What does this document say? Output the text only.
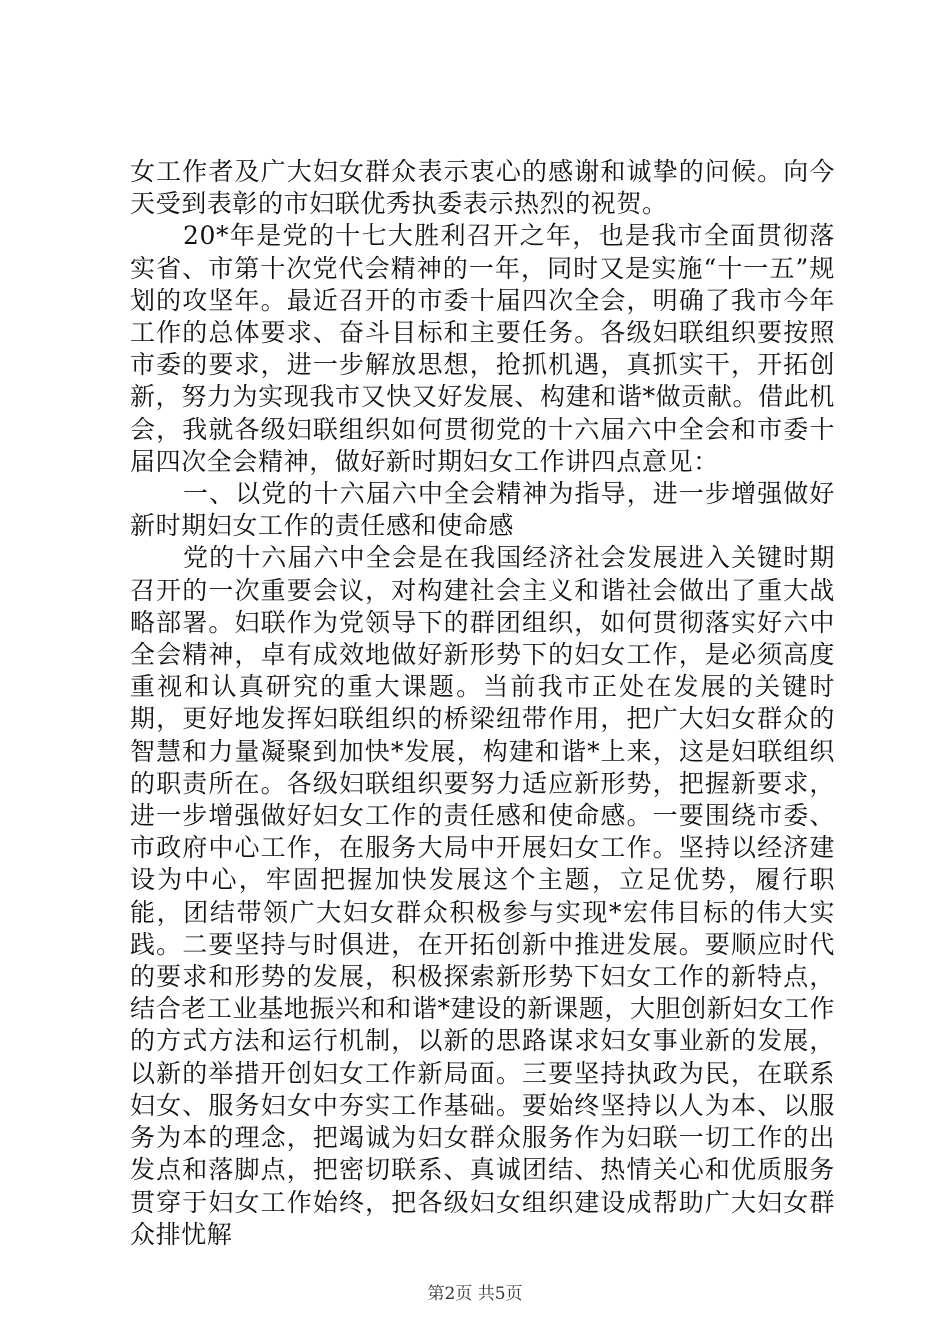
女工作者及广大妇女群众表示衷心的感谢和诚挚的问候。向今天受到表彰的市妇联优秀执委表示热烈的祝贺。

20*年是党的十七大胜利召开之年，也是我市全面贯彻落实省、市第十次党代会精神的一年，同时又是实施“十一五”规划的攻坚年。最近召开的市委十届四次全会，明确了我市今年工作的总体要求、奋斗目标和主要任务。各级妇联组织要按照市委的要求，进一步解放思想，抢抓机遇，真抓实干，开拓创新，努力为实现我市又快又好发展、构建和谐*做贡献。借此机会，我就各级妇联组织如何贯彻党的十六届六中全会和市委十届四次全会精神，做好新时期妇女工作讲四点意见：

一、以党的十六届六中全会精神为指导，进一步增强做好新时期妇女工作的责任感和使命感

党的十六届六中全会是在我国经济社会发展进入关键时期召开的一次重要会议，对构建社会主义和谐社会做出了重大战略部署。妇联作为党领导下的群团组织，如何贯彻落实好六中全会精神，卓有成效地做好新形势下的妇女工作，是必须高度重视和认真研究的重大课题。当前我市正处在发展的关键时期，更好地发挥妇联组织的桥梁纽带作用，把广大妇女群众的智慧和力量凝聚到加快*发展，构建和谐*上来，这是妇联组织的职责所在。各级妇联组织要努力适应新形势，把握新要求，进一步增强做好妇女工作的责任感和使命感。一要围绕市委、市政府中心工作，在服务大局中开展妇女工作。坚持以经济建设为中心，牢固把握加快发展这个主题，立足优势，履行职能，团结带领广大妇女群众积极参与实现*宏伟目标的伟大实践。二要坚持与时俱进，在开拓创新中推进发展。要顺应时代的要求和形势的发展，积极探索新形势下妇女工作的新特点，结合老工业基地振兴和和谐*建设的新课题，大胆创新妇女工作的方式方法和运行机制，以新的思路谋求妇女事业新的发展，以新的举措开创妇女工作新局面。三要坚持执政为民，在联系妇女、服务妇女中夯实工作基础。要始终坚持以人为本、以服务为本的理念，把竭诚为妇女群众服务作为妇联一切工作的出发点和落脚点，把密切联系、真诚团结、热情关心和优质服务贯穿于妇女工作始终，把各级妇女组织建设成帮助广大妇女群众排忧解

第2页 共5页
